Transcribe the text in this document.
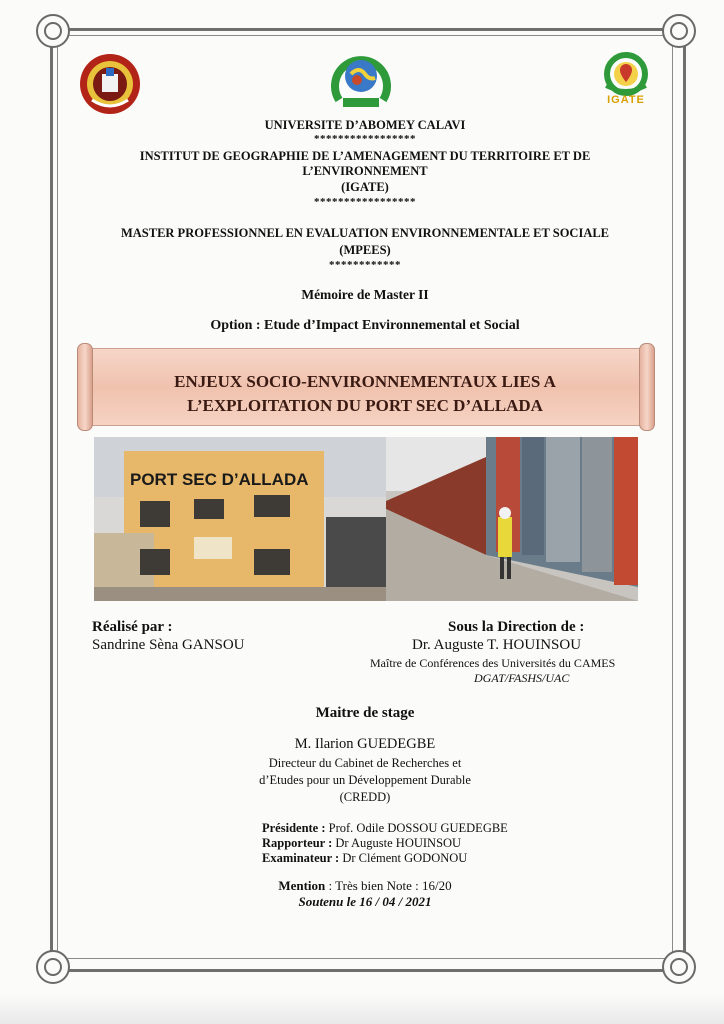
IGATE
UNIVERSITE D’ABOMEY CALAVI
*****************
INSTITUT DE GEOGRAPHIE DE L’AMENAGEMENT DU TERRITOIRE ET DE
L’ENVIRONNEMENT
(IGATE)
*****************
MASTER PROFESSIONNEL EN EVALUATION ENVIRONNEMENTALE ET SOCIALE
(MPEES)
************
Mémoire de Master II
Option : Etude d’Impact Environnemental et Social
ENJEUX SOCIO-ENVIRONNEMENTAUX LIES A
L’EXPLOITATION DU PORT SEC D’ALLADA
PORT SEC D’ALLADA
Réalisé par :
Sandrine Sèna GANSOU
Sous la Direction de :
Dr. Auguste T. HOUINSOU
Maître de Conférences des Universités du CAMES
DGAT/FASHS/UAC
Maitre de stage
M. Ilarion GUEDEGBE
Directeur du Cabinet de Recherches et
d’Etudes pour un Développement Durable
(CREDD)
Présidente : Prof. Odile DOSSOU GUEDEGBE
Rapporteur : Dr Auguste HOUINSOU
Examinateur : Dr Clément GODONOU
Mention : Très bien Note : 16/20
Soutenu le 16 / 04 / 2021
